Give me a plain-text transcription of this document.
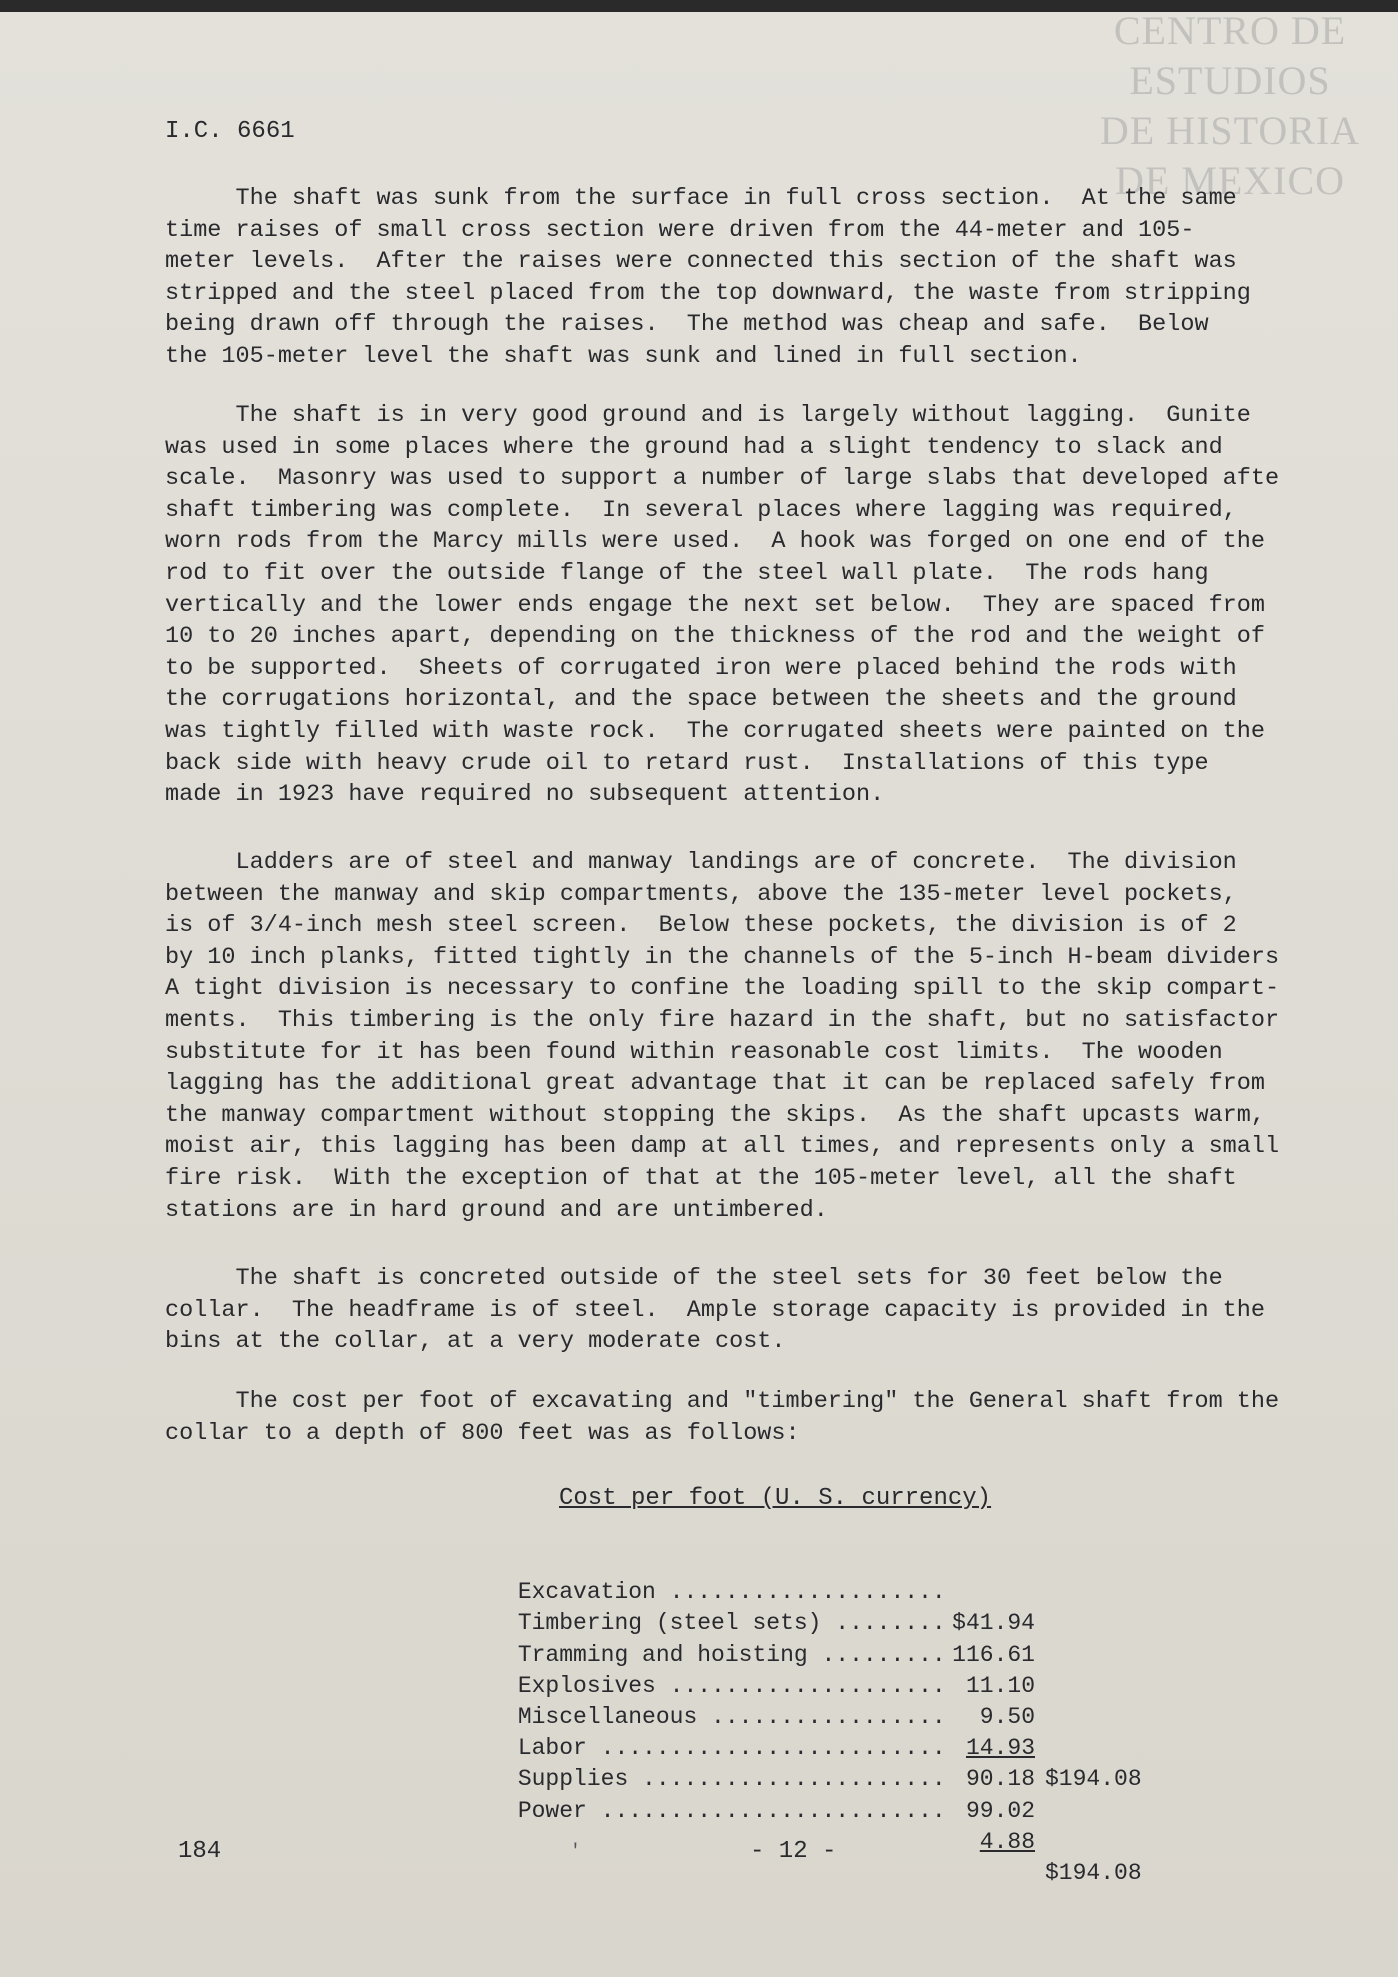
CENTRO DE
ESTUDIOS
DE HISTORIA
DE MEXICO
I.C. 6661

The shaft was sunk from the surface in full cross section.  At the same
time raises of small cross section were driven from the 44-meter and 105-
meter levels.  After the raises were connected this section of the shaft was
stripped and the steel placed from the top downward, the waste from stripping
being drawn off through the raises.  The method was cheap and safe.  Below
the 105-meter level the shaft was sunk and lined in full section.

The shaft is in very good ground and is largely without lagging.  Gunite
was used in some places where the ground had a slight tendency to slack and
scale.  Masonry was used to support a number of large slabs that developed afte
shaft timbering was complete.  In several places where lagging was required,
worn rods from the Marcy mills were used.  A hook was forged on one end of the
rod to fit over the outside flange of the steel wall plate.  The rods hang
vertically and the lower ends engage the next set below.  They are spaced from
10 to 20 inches apart, depending on the thickness of the rod and the weight of
to be supported.  Sheets of corrugated iron were placed behind the rods with
the corrugations horizontal, and the space between the sheets and the ground
was tightly filled with waste rock.  The corrugated sheets were painted on the
back side with heavy crude oil to retard rust.  Installations of this type
made in 1923 have required no subsequent attention.

Ladders are of steel and manway landings are of concrete.  The division
between the manway and skip compartments, above the 135-meter level pockets,
is of 3/4-inch mesh steel screen.  Below these pockets, the division is of 2
by 10 inch planks, fitted tightly in the channels of the 5-inch H-beam dividers
A tight division is necessary to confine the loading spill to the skip compart-
ments.  This timbering is the only fire hazard in the shaft, but no satisfactor
substitute for it has been found within reasonable cost limits.  The wooden
lagging has the additional great advantage that it can be replaced safely from
the manway compartment without stopping the skips.  As the shaft upcasts warm,
moist air, this lagging has been damp at all times, and represents only a small
fire risk.  With the exception of that at the 105-meter level, all the shaft
stations are in hard ground and are untimbered.

The shaft is concreted outside of the steel sets for 30 feet below the
collar.  The headframe is of steel.  Ample storage capacity is provided in the
bins at the collar, at a very moderate cost.

The cost per foot of excavating and "timbering" the General shaft from the
collar to a depth of 800 feet was as follows:

Cost per foot (U. S. currency)

Excavation ....................

$41.94

Timbering (steel sets) ........

116.61

Tramming and hoisting .........

11.10

Explosives ....................

9.50

Miscellaneous .................

14.93

$194.08

Labor .........................

90.18

Supplies ......................

99.02

Power .........................

4.88

$194.08

184	'	- 12 -
